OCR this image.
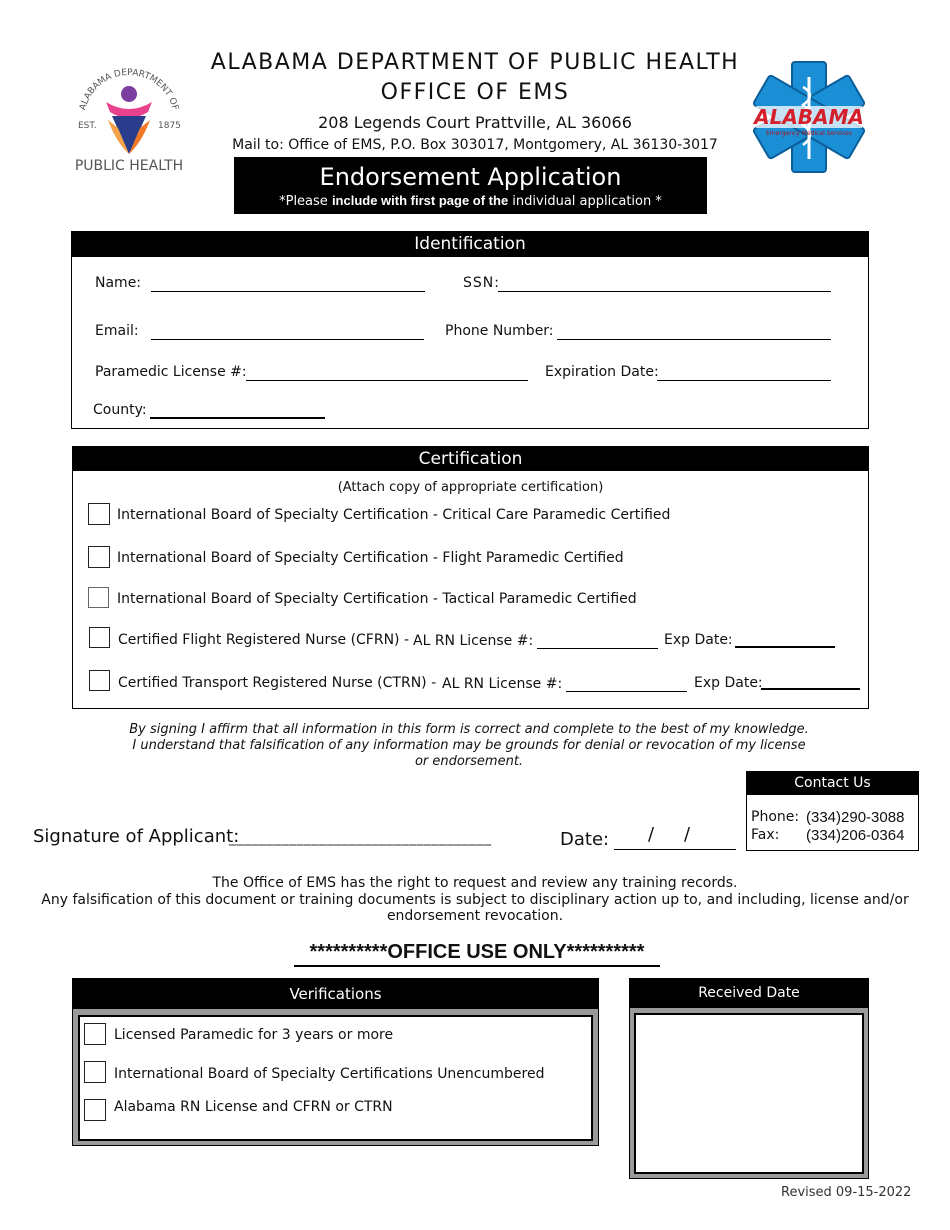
ALABAMA DEPARTMENT OF
EST.	1875
PUBLIC HEALTH
ALABAMA DEPARTMENT OF PUBLIC HEALTH
OFFICE OF EMS
208 Legends Court Prattville, AL 36066
Mail to: Office of EMS, P.O. Box 303017, Montgomery, AL 36130-3017
ALABAMA
Emergency Medical Services
Endorsement Application
*Please include with first page of the individual application *
Identification
Name:	SSN:
Email:	Phone Number:
Paramedic License #:	Expiration Date:
County:
Certification
(Attach copy of appropriate certification)
International Board of Specialty Certification - Critical Care Paramedic Certified
International Board of Specialty Certification - Flight Paramedic Certified
International Board of Specialty Certification - Tactical Paramedic Certified
Certified Flight Registered Nurse (CFRN) - AL RN License #:	Exp Date:
Certified Transport Registered Nurse (CTRN) - AL RN License #:	Exp Date:
By signing I affirm that all information in this form is correct and complete to the best of my knowledge.
I understand that falsification of any information may be grounds for denial or revocation of my license
or endorsement.
Contact Us
Phone: (334)290-3088
Fax: (334)206-0364
Signature of Applicant:
___________________________________	Date: / /
The Office of EMS has the right to request and review any training records.
Any falsification of this document or training documents is subject to disciplinary action up to, and including, license and/or
endorsement revocation.
**********OFFICE USE ONLY**********
Verifications
Licensed Paramedic for 3 years or more
International Board of Specialty Certifications Unencumbered
Alabama RN License and CFRN or CTRN
Received Date
Revised 09-15-2022
